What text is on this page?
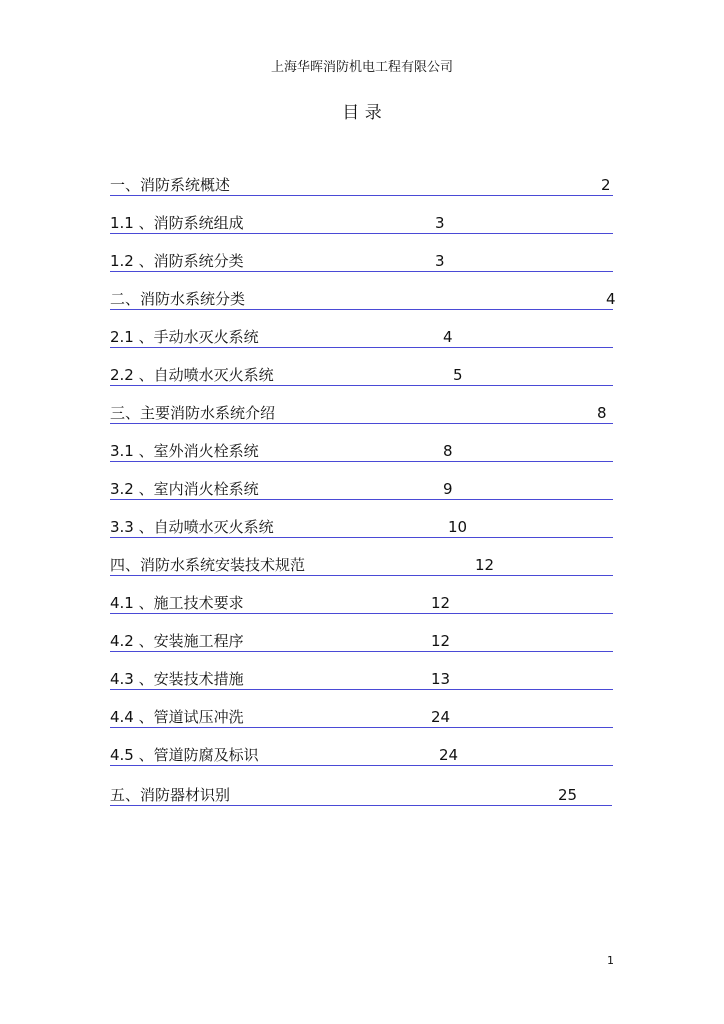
上海华晖消防机电工程有限公司
目 录
一、消防系统概述	2
1.1 、消防系统组成	3
1.2 、消防系统分类	3
二、消防水系统分类	4
2.1 、手动水灭火系统	4
2.2 、自动喷水灭火系统	5
三、主要消防水系统介绍	8
3.1 、室外消火栓系统	8
3.2 、室内消火栓系统	9
3.3 、自动喷水灭火系统	10
四、消防水系统安装技术规范	12
4.1 、施工技术要求	12
4.2 、安装施工程序	12
4.3 、安装技术措施	13
4.4 、管道试压冲洗	24
4.5 、管道防腐及标识	24
五、消防器材识别	25
1
